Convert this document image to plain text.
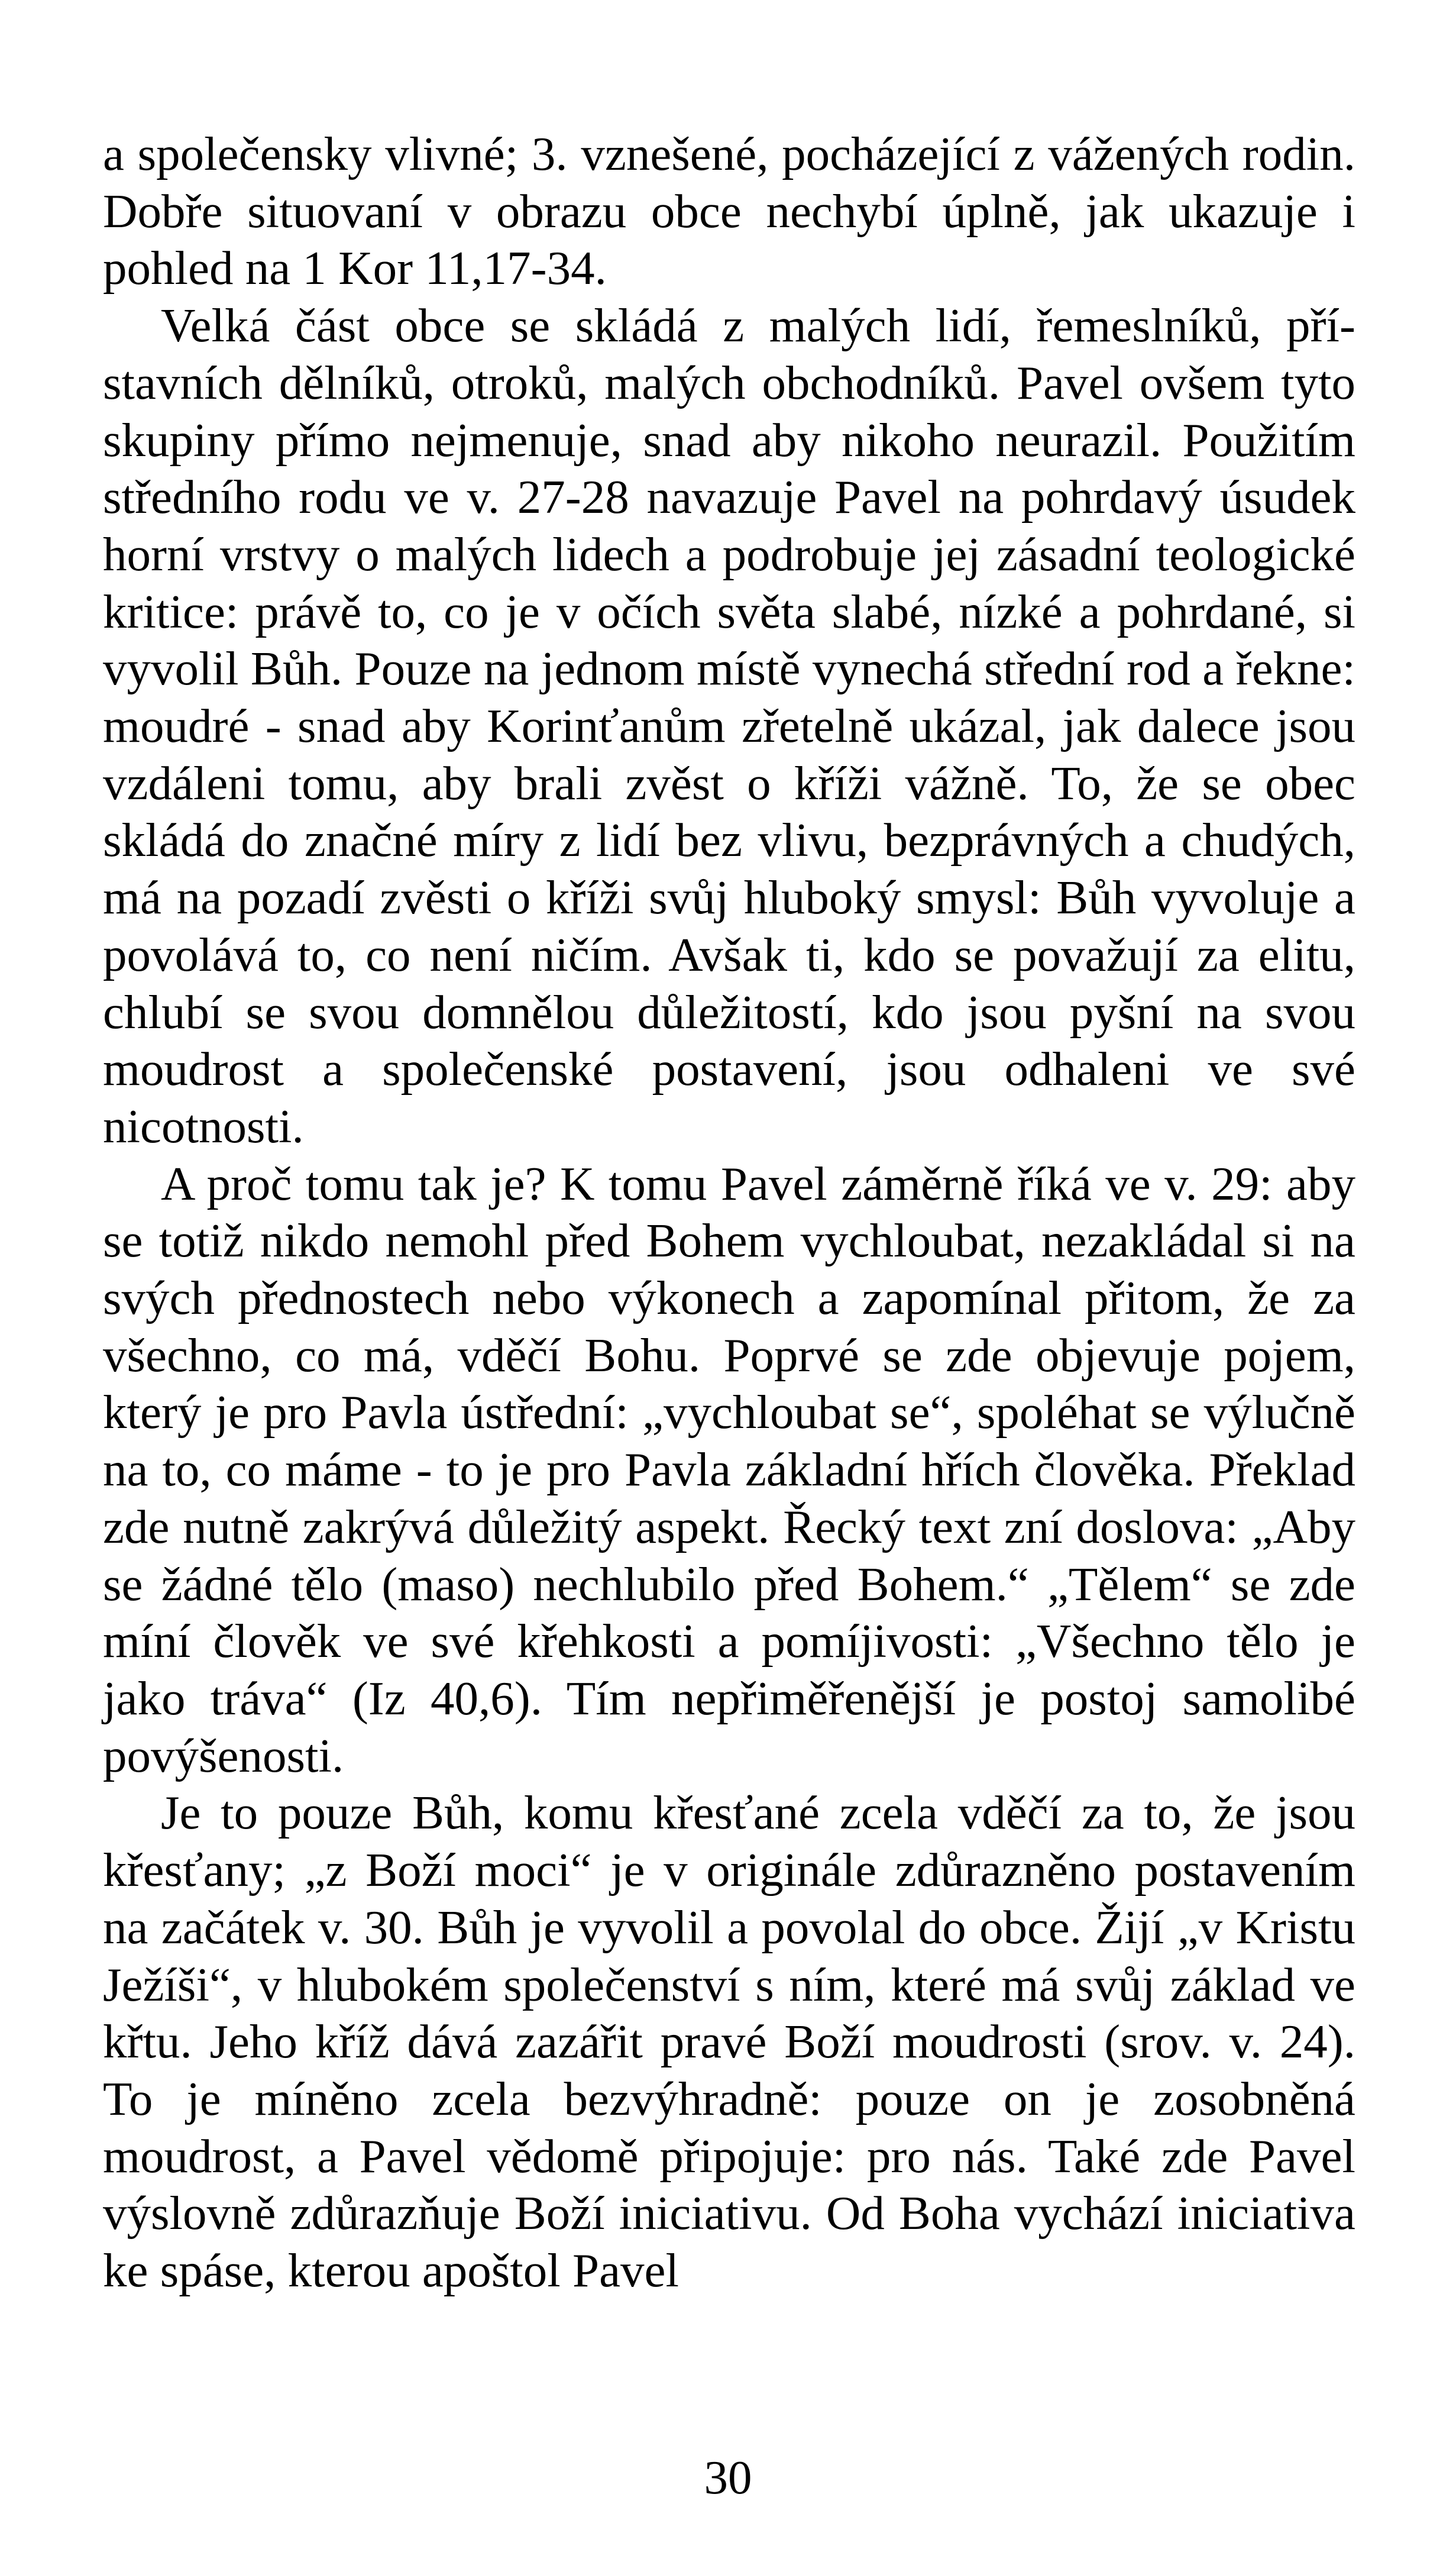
a společensky vlivné; 3. vznešené, pocházející z vážených rodin. Dobře situovaní v obrazu obce nechybí úplně, jak ukazuje i pohled na 1 Kor 11,17-34.

Velká část obce se skládá z malých lidí, řemeslníků, přístavních dělníků, otroků, malých obchodníků. Pavel ovšem tyto skupiny přímo nejmenuje, snad aby nikoho neurazil. Použitím středního rodu ve v. 27-28 navazuje Pavel na pohrdavý úsudek horní vrstvy o malých lidech a podrobuje jej zásadní teologické kritice: právě to, co je v očích světa slabé, nízké a pohrdané, si vyvolil Bůh. Pouze na jednom místě vynechá střední rod a řekne: moudré - snad aby Korinťanům zřetelně ukázal, jak dalece jsou vzdáleni tomu, aby brali zvěst o kříži vážně. To, že se obec skládá do značné míry z lidí bez vlivu, bezprávných a chudých, má na pozadí zvěsti o kříži svůj hluboký smysl: Bůh vyvoluje a povolává to, co není ničím. Avšak ti, kdo se považují za elitu, chlubí se svou domnělou důležitostí, kdo jsou pyšní na svou moudrost a společenské postavení, jsou odhaleni ve své nicotnosti.

A proč tomu tak je? K tomu Pavel záměrně říká ve v. 29: aby se totiž nikdo nemohl před Bohem vychloubat, nezakládal si na svých přednostech nebo výkonech a zapomínal přitom, že za všechno, co má, vděčí Bohu. Poprvé se zde objevuje pojem, který je pro Pavla ústřední: „vychloubat se“, spoléhat se výlučně na to, co máme - to je pro Pavla základní hřích člověka. Překlad zde nutně zakrývá důležitý aspekt. Řecký text zní doslova: „Aby se žádné tělo (maso) nechlubilo před Bohem.“ „Tělem“ se zde míní člověk ve své křehkosti a pomíjivosti: „Všechno tělo je jako tráva“ (Iz 40,6). Tím nepřiměřenější je postoj samolibé povýšenosti.

Je to pouze Bůh, komu křesťané zcela vděčí za to, že jsou křesťany; „z Boží moci“ je v originále zdůrazněno postavením na začátek v. 30. Bůh je vyvolil a povolal do obce. Žijí „v Kristu Ježíši“, v hlubokém společenství s ním, které má svůj základ ve křtu. Jeho kříž dává zazářit pravé Boží moudrosti (srov. v. 24). To je míněno zcela bezvýhradně: pouze on je zosobněná moudrost, a Pavel vědomě připojuje: pro nás. Také zde Pavel výslovně zdůrazňuje Boží iniciativu. Od Boha vychází iniciativa ke spáse, kterou apoštol Pavel

30
